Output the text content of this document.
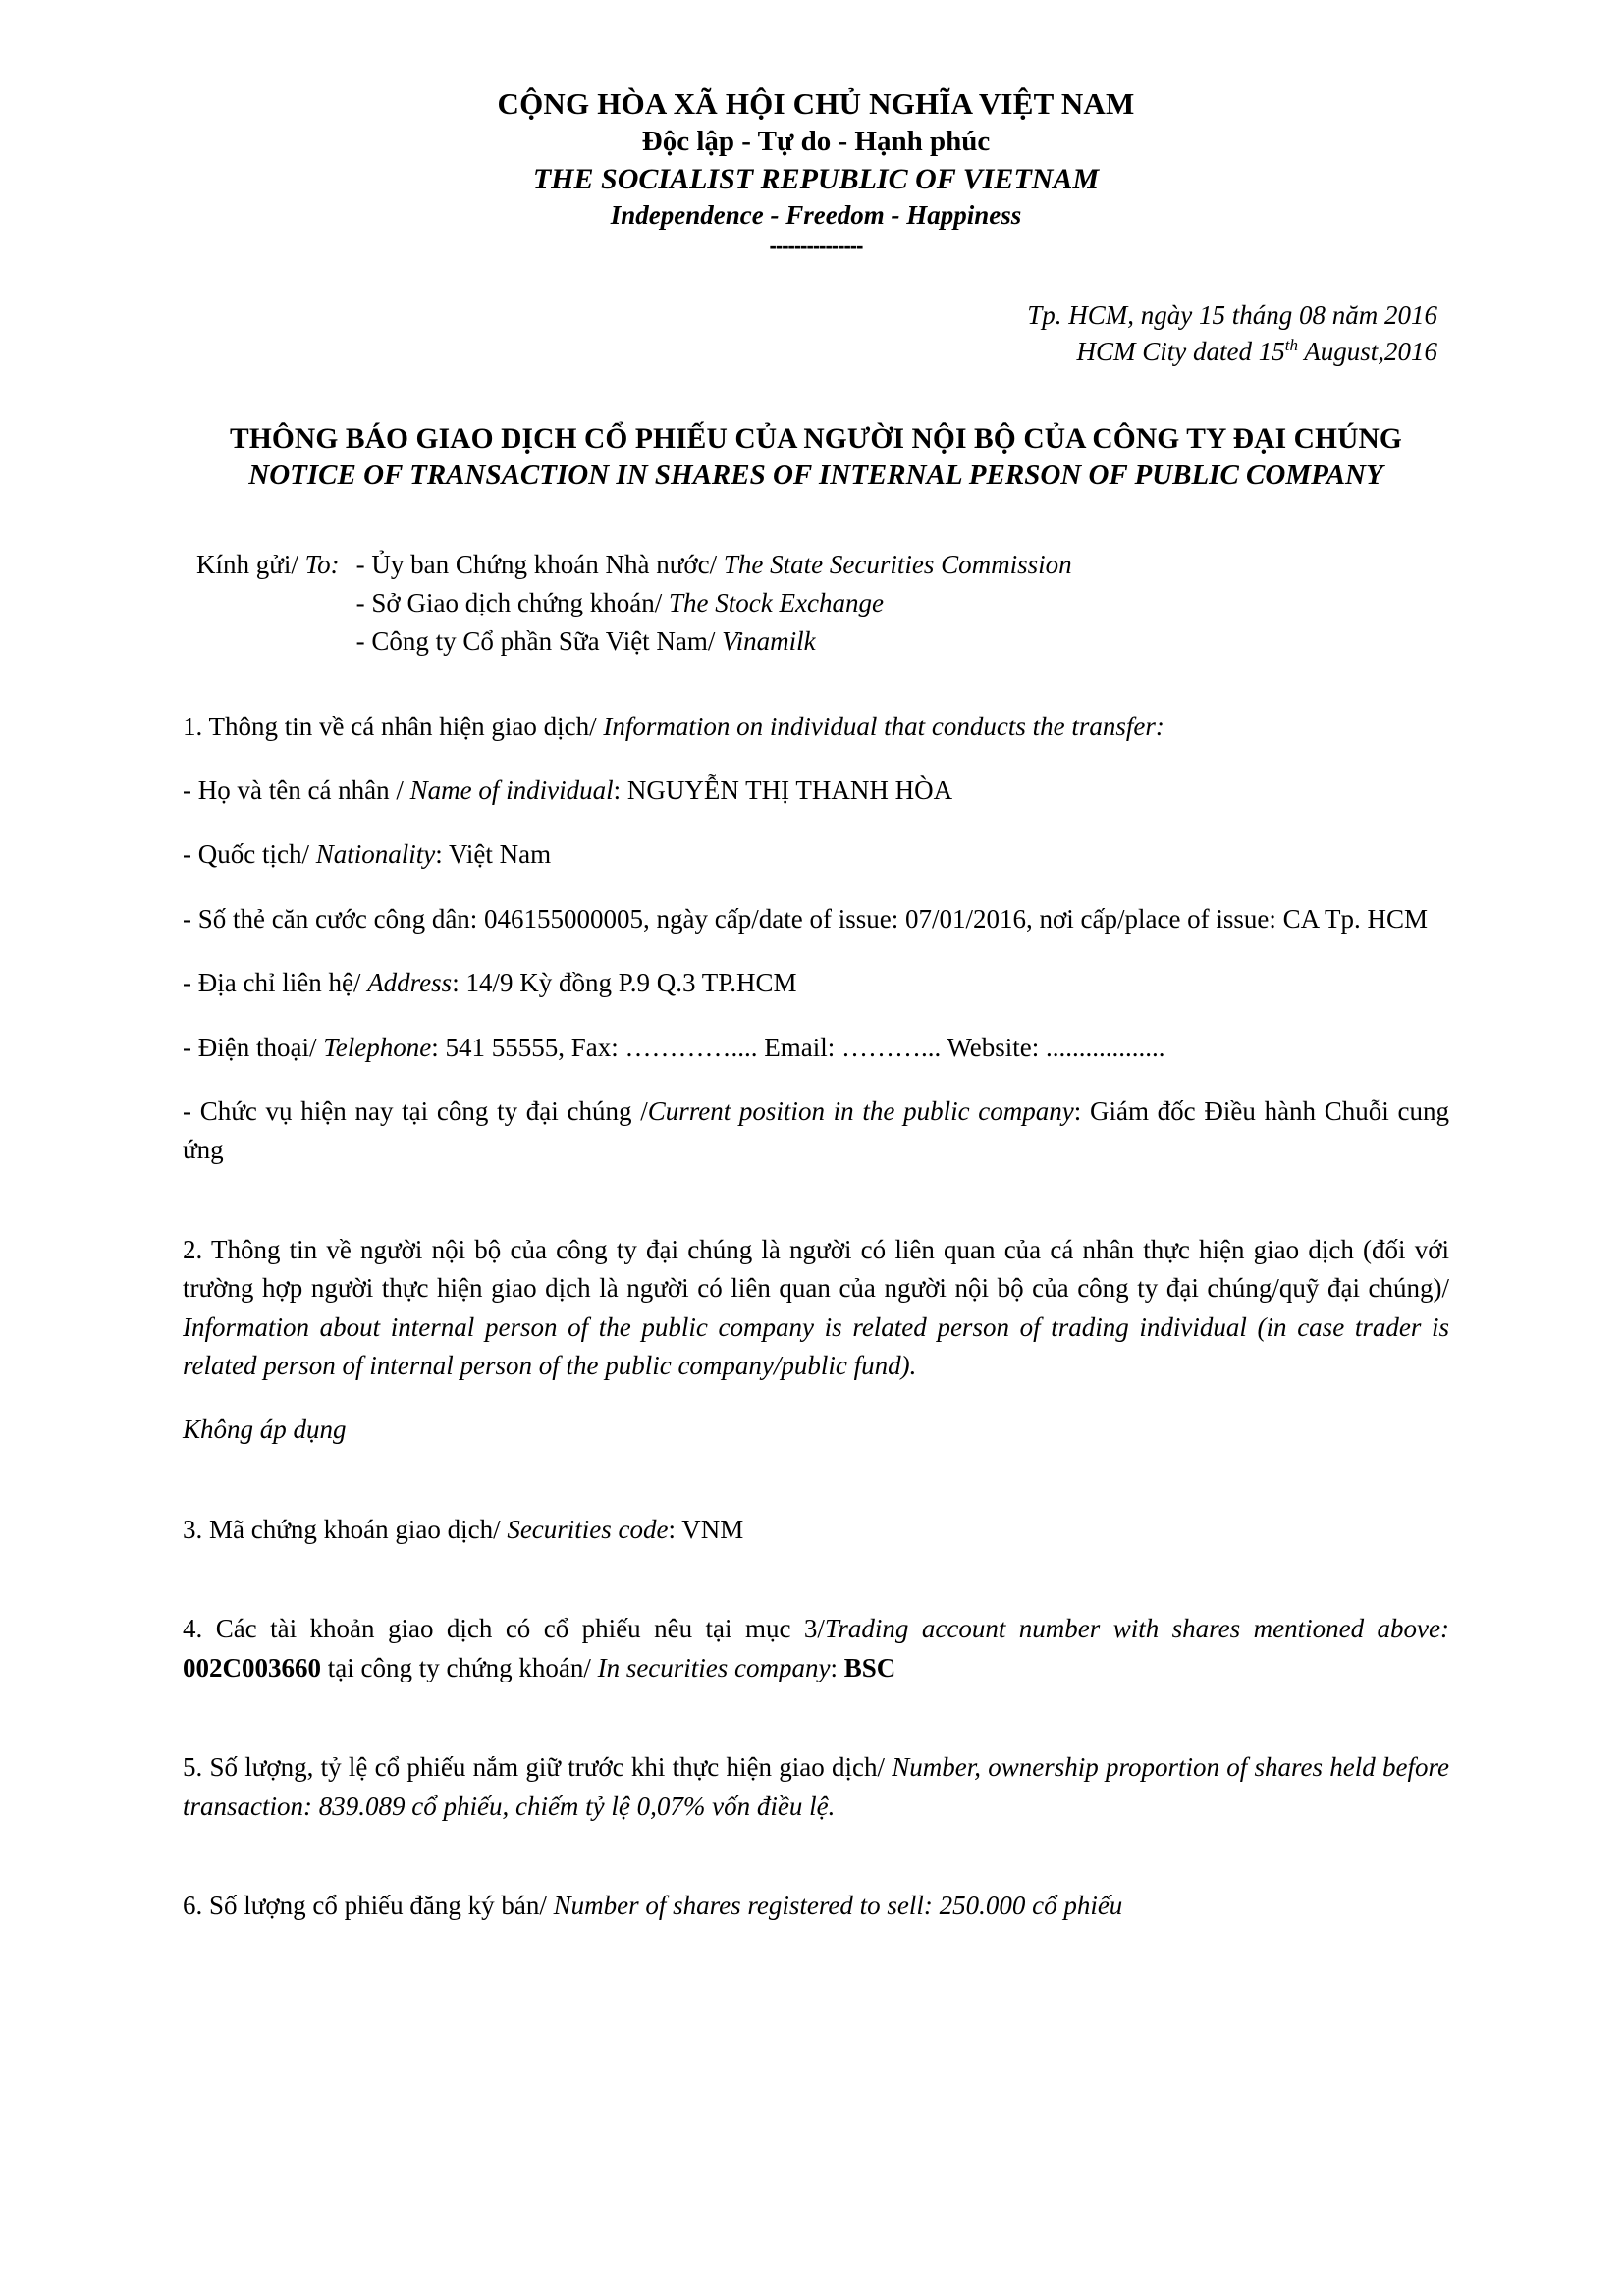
CỘNG HÒA XÃ HỘI CHỦ NGHĨA VIỆT NAM
Độc lập - Tự do - Hạnh phúc
THE SOCIALIST REPUBLIC OF VIETNAM
Independence - Freedom - Happiness
---------------
Tp. HCM, ngày 15 tháng 08 năm 2016
HCM City dated 15th August,2016
THÔNG BÁO GIAO DỊCH CỔ PHIẾU CỦA NGƯỜI NỘI BỘ CỦA CÔNG TY ĐẠI CHÚNG
NOTICE OF TRANSACTION IN SHARES OF INTERNAL PERSON OF PUBLIC COMPANY
Kính gửi/ To: - Ủy ban Chứng khoán Nhà nước/ The State Securities Commission
- Sở Giao dịch chứng khoán/ The Stock Exchange
- Công ty Cổ phần Sữa Việt Nam/ Vinamilk

1. Thông tin về cá nhân hiện giao dịch/ Information on individual that conducts the transfer:

- Họ và tên cá nhân / Name of individual: NGUYỄN THỊ THANH HÒA

- Quốc tịch/ Nationality: Việt Nam

- Số thẻ căn cước công dân: 046155000005, ngày cấp/date of issue: 07/01/2016, nơi cấp/place of issue: CA Tp. HCM

- Địa chỉ liên hệ/ Address: 14/9 Kỳ đồng P.9 Q.3 TP.HCM

- Điện thoại/ Telephone: 541 55555, Fax: ………….... Email: ………... Website: ..................

- Chức vụ hiện nay tại công ty đại chúng /Current position in the public company: Giám đốc Điều hành Chuỗi cung ứng

2. Thông tin về người nội bộ của công ty đại chúng là người có liên quan của cá nhân thực hiện giao dịch (đối với trường hợp người thực hiện giao dịch là người có liên quan của người nội bộ của công ty đại chúng/quỹ đại chúng)/ Information about internal person of the public company is related person of trading individual (in case trader is related person of internal person of the public company/public fund).

Không áp dụng

3. Mã chứng khoán giao dịch/ Securities code: VNM

4. Các tài khoản giao dịch có cổ phiếu nêu tại mục 3/Trading account number with shares mentioned above: 002C003660 tại công ty chứng khoán/ In securities company: BSC

5. Số lượng, tỷ lệ cổ phiếu nắm giữ trước khi thực hiện giao dịch/ Number, ownership proportion of shares held before transaction: 839.089 cổ phiếu, chiếm tỷ lệ 0,07% vốn điều lệ.

6. Số lượng cổ phiếu đăng ký bán/ Number of shares registered to sell: 250.000 cổ phiếu
